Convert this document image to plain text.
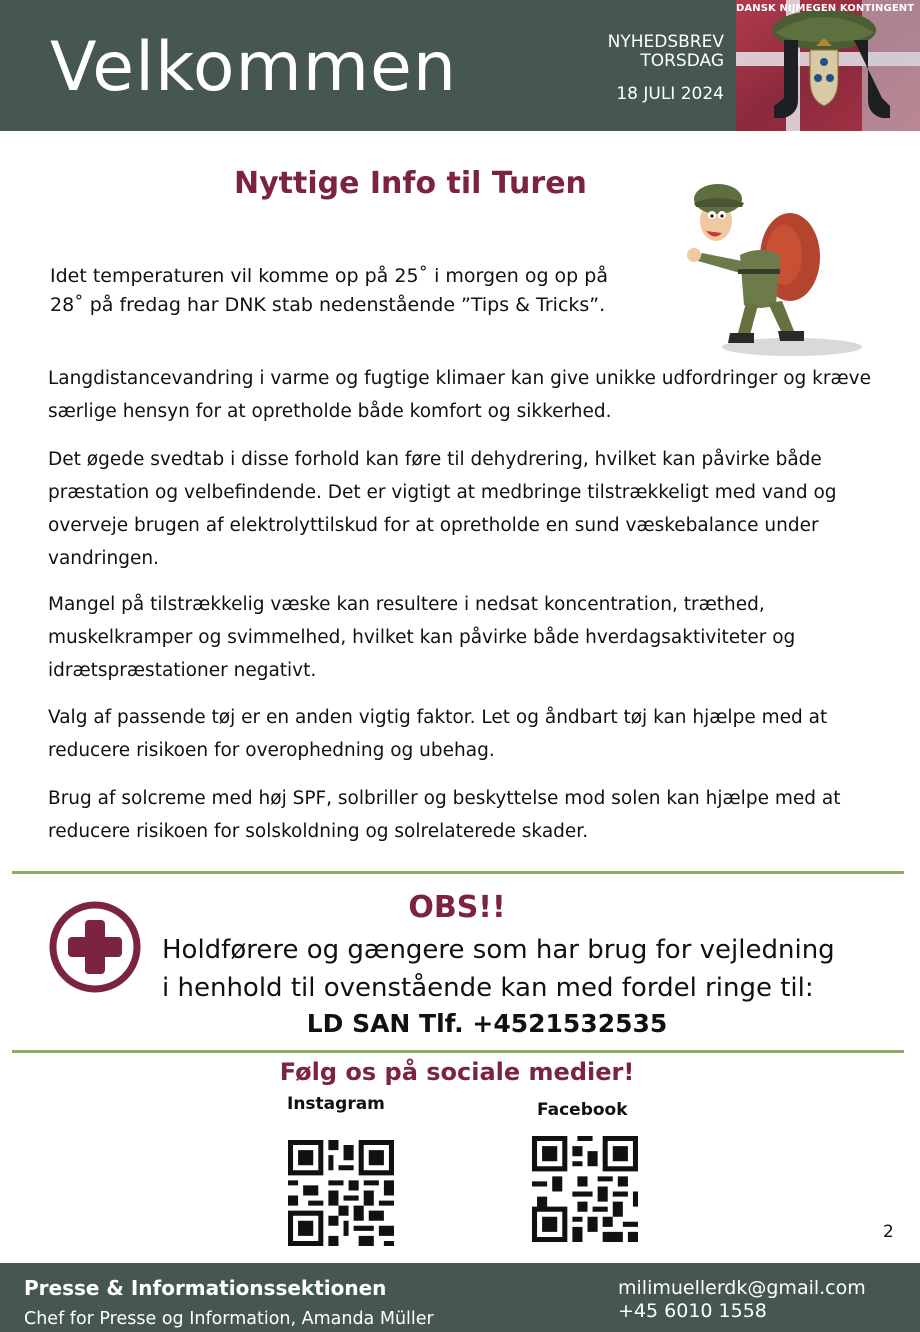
Velkommen	NYHEDSBREV
TORSDAG
18 JULI 2024
DANSK NIJMEGEN KONTINGENT
Nyttige Info til Turen
Idet temperaturen vil komme op på 25˚ i morgen og op på 28˚ på fredag har DNK stab nedenstående ”Tips & Tricks”.
Langdistancevandring i varme og fugtige klimaer kan give unikke udfordringer og kræve særlige hensyn for at opretholde både komfort og sikkerhed.
Det øgede svedtab i disse forhold kan føre til dehydrering, hvilket kan påvirke både præstation og velbefindende. Det er vigtigt at medbringe tilstrækkeligt med vand og overveje brugen af elektrolyttilskud for at opretholde en sund væskebalance under vandringen.
Mangel på tilstrækkelig væske kan resultere i nedsat koncentration, træthed, muskelkramper og svimmelhed, hvilket kan påvirke både hverdagsaktiviteter og idrætspræstationer negativt.
Valg af passende tøj er en anden vigtig faktor. Let og åndbart tøj kan hjælpe med at reducere risikoen for overophedning og ubehag.
Brug af solcreme med høj SPF, solbriller og beskyttelse mod solen kan hjælpe med at reducere risikoen for solskoldning og solrelaterede skader.
OBS!!
Holdførere og gængere som har brug for vejledning
i henhold til ovenstående kan med fordel ringe til:
LD SAN Tlf. +4521532535
Følg os på sociale medier!
Instagram	Facebook
2
Presse & Informationssektionen
Chef for Presse og Information, Amanda Müller
milimuellerdk@gmail.com
+45 6010 1558
